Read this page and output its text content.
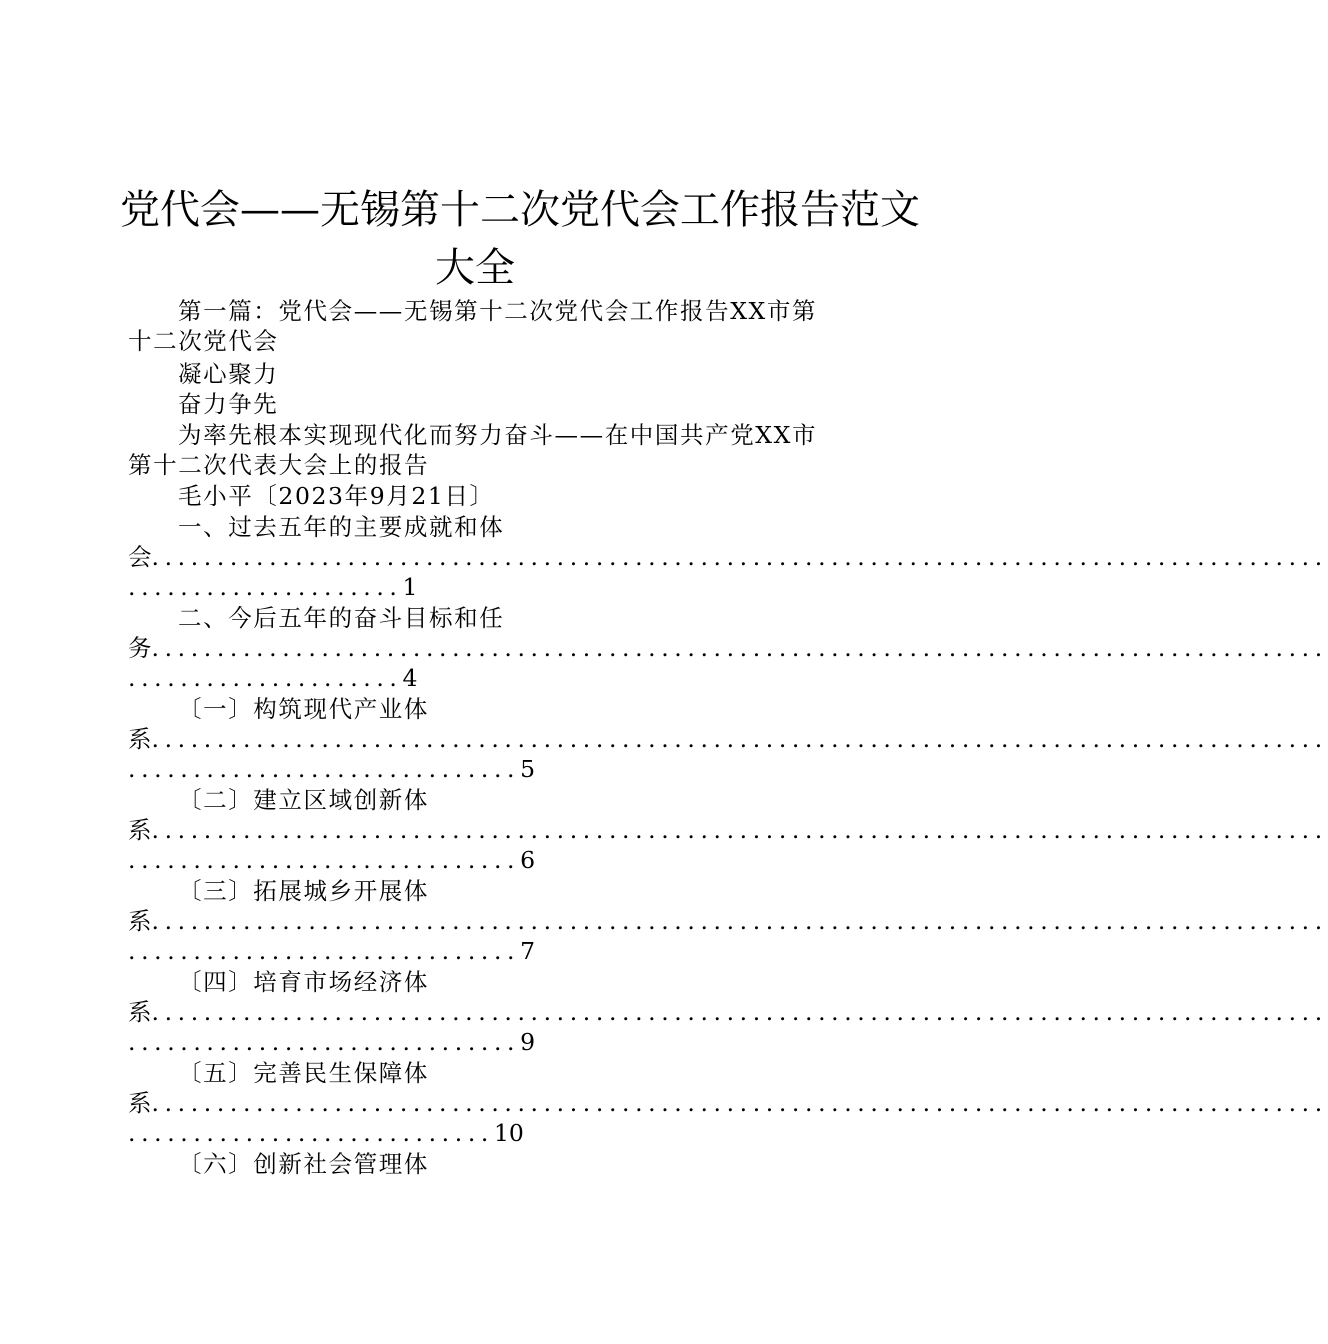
党代会——无锡第十二次党代会工作报告范文
大全
第一篇：党代会——无锡第十二次党代会工作报告XX市第
十二次党代会
凝心聚力
奋力争先
为率先根本实现现代化而努力奋斗——在中国共产党XX市
第十二次代表大会上的报告
毛小平〔2023年9月21日〕
一、过去五年的主要成就和体
会..........................................................................................
.....................1
二、今后五年的奋斗目标和任
务..........................................................................................
.....................4
〔一〕构筑现代产业体
系..........................................................................................
..............................5
〔二〕建立区域创新体
系..........................................................................................
..............................6
〔三〕拓展城乡开展体
系..........................................................................................
..............................7
〔四〕培育市场经济体
系..........................................................................................
..............................9
〔五〕完善民生保障体
系..........................................................................................
............................10
〔六〕创新社会管理体
